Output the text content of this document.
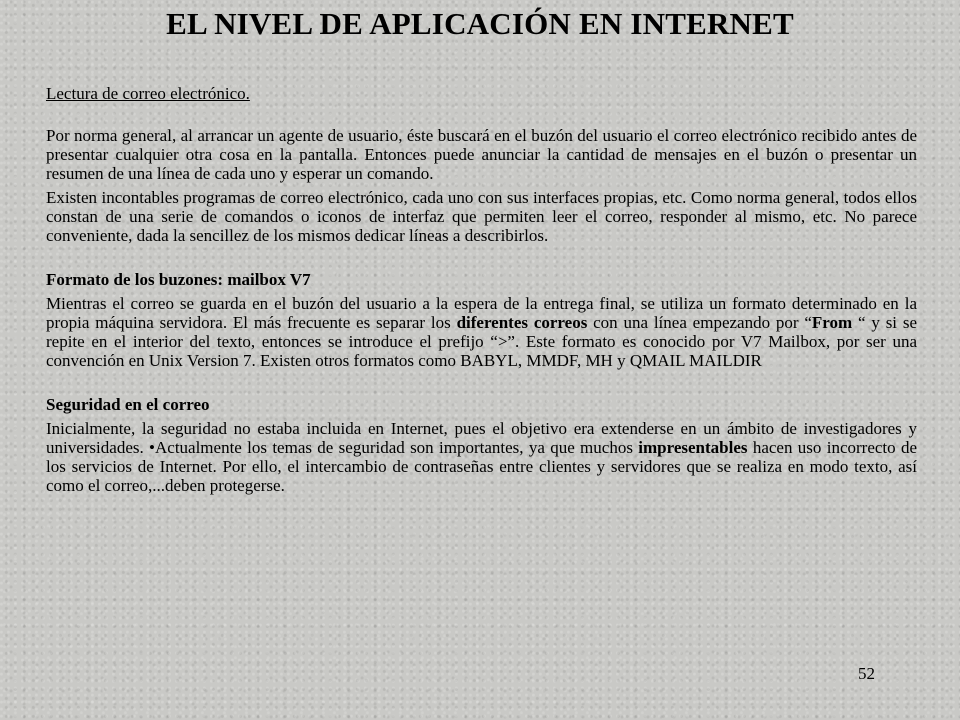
EL NIVEL DE APLICACIÓN EN INTERNET

Lectura de correo electrónico.

Por norma general, al arrancar un agente de usuario, éste buscará en el buzón del usuario el correo electrónico recibido antes de presentar cualquier otra cosa en la pantalla. Entonces puede anunciar la cantidad de mensajes en el buzón o presentar un resumen de una línea de cada uno y esperar un comando.

Existen incontables programas de correo electrónico, cada uno con sus interfaces propias, etc. Como norma general, todos ellos constan de una serie de comandos o iconos de interfaz que permiten leer el correo, responder al mismo, etc. No parece conveniente, dada la sencillez de los mismos dedicar líneas a describirlos.

Formato de los buzones: mailbox V7

Mientras el correo se guarda en el buzón del usuario a la espera de la entrega final, se utiliza un formato determinado en la propia máquina servidora. El más frecuente es separar los diferentes correos con una línea empezando por “From “ y si se repite en el interior del texto, entonces se introduce el prefijo “>”. Este formato es conocido por V7 Mailbox, por ser una convención en Unix Version 7. Existen otros formatos como BABYL, MMDF, MH y QMAIL MAILDIR

Seguridad en el correo

Inicialmente, la seguridad no estaba incluida en Internet, pues el objetivo era extenderse en un ámbito de investigadores y universidades. •Actualmente los temas de seguridad son importantes, ya que muchos impresentables hacen uso incorrecto de los servicios de Internet. Por ello, el intercambio de contraseñas entre clientes y servidores que se realiza en modo texto, así como el correo,...deben protegerse.

52
